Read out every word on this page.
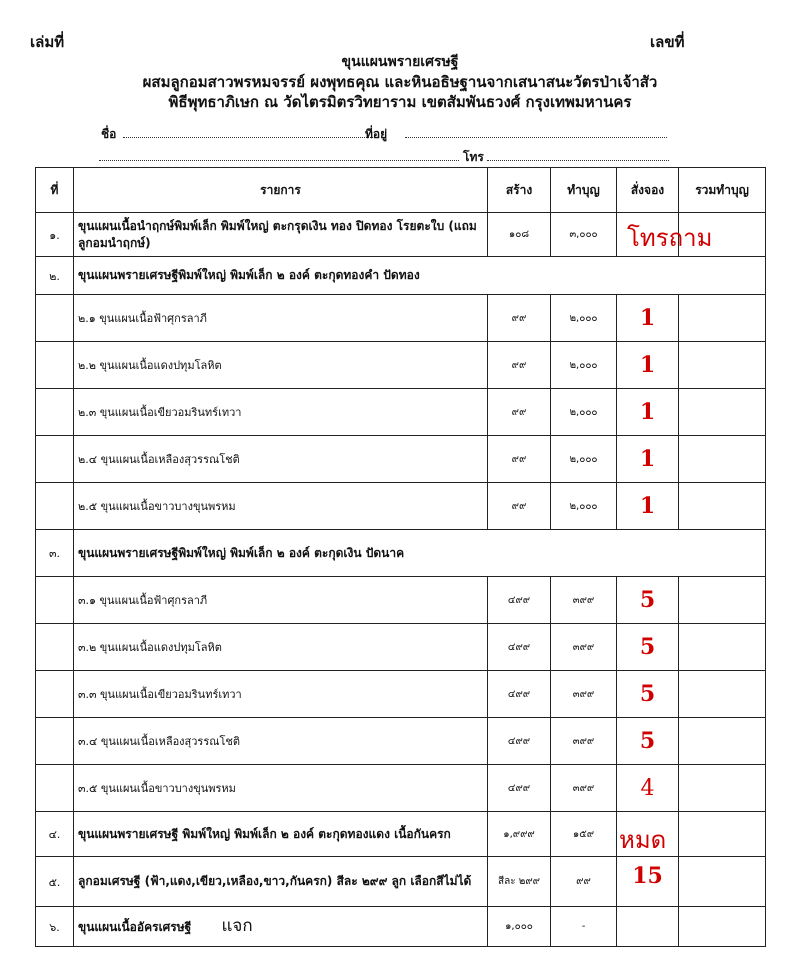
เล่มที่	เลขที่
ขุนแผนพรายเศรษฐี
ผสมลูกอมสาวพรหมจรรย์ ผงพุทธคุณ และหินอธิษฐานจากเสนาสนะวัตรป่าเจ้าสัว
พิธีพุทธาภิเษก ณ วัดไตรมิตรวิทยาราม เขตสัมพันธวงศ์ กรุงเทพมหานคร
ชื่อ	ที่อยู่
โทร
ที่	รายการ	สร้าง	ทำบุญ	สั่งจอง	รวมทำบุญ
๑.	ขุนแผนเนื้อนำฤกษ์พิมพ์เล็ก พิมพ์ใหญ่ ตะกรุดเงิน ทอง ปิดทอง โรยตะใบ (แถมลูกอมนำฤกษ์)	๑๐๘	๓,๐๐๐	โทรถาม	

๒.	ขุนแผนพรายเศรษฐีพิมพ์ใหญ่ พิมพ์เล็ก ๒ องค์ ตะกุดทองคำ ปัดทอง				
	๒.๑ ขุนแผนเนื้อฟ้าศุกรลาภี	๙๙	๒,๐๐๐	1	
	๒.๒ ขุนแผนเนื้อแดงปทุมโลหิต	๙๙	๒,๐๐๐	1	
	๒.๓ ขุนแผนเนื้อเขียวอมรินทร์เทวา	๙๙	๒,๐๐๐	1	
	๒.๔ ขุนแผนเนื้อเหลืองสุวรรณโชติ	๙๙	๒,๐๐๐	1	
	๒.๕ ขุนแผนเนื้อขาวบางขุนพรหม	๙๙	๒,๐๐๐	1	
๓.	ขุนแผนพรายเศรษฐีพิมพ์ใหญ่ พิมพ์เล็ก ๒ องค์ ตะกุดเงิน ปัดนาค				
	๓.๑ ขุนแผนเนื้อฟ้าศุกรลาภี	๔๙๙	๓๙๙	5	
	๓.๒ ขุนแผนเนื้อแดงปทุมโลหิต	๔๙๙	๓๙๙	5	
	๓.๓ ขุนแผนเนื้อเขียวอมรินทร์เทวา	๔๙๙	๓๙๙	5	
	๓.๔ ขุนแผนเนื้อเหลืองสุวรรณโชติ	๔๙๙	๓๙๙	5	
	๓.๕ ขุนแผนเนื้อขาวบางขุนพรหม	๔๙๙	๓๙๙	4	
๔.	ขุนแผนพรายเศรษฐี พิมพ์ใหญ่ พิมพ์เล็ก ๒ องค์ ตะกุดทองแดง เนื้อกันครก	๑,๙๙๙	๑๕๙	หมด	

๕.	ลูกอมเศรษฐี (ฟ้า,แดง,เขียว,เหลือง,ขาว,กันครก) สีละ ๒๙๙ ลูก เลือกสีไม่ได้	สีละ ๒๙๙	๙๙	15	
๖.	ขุนแผนเนื้ออัครเศรษฐี แจก	๑,๐๐๐	-		
